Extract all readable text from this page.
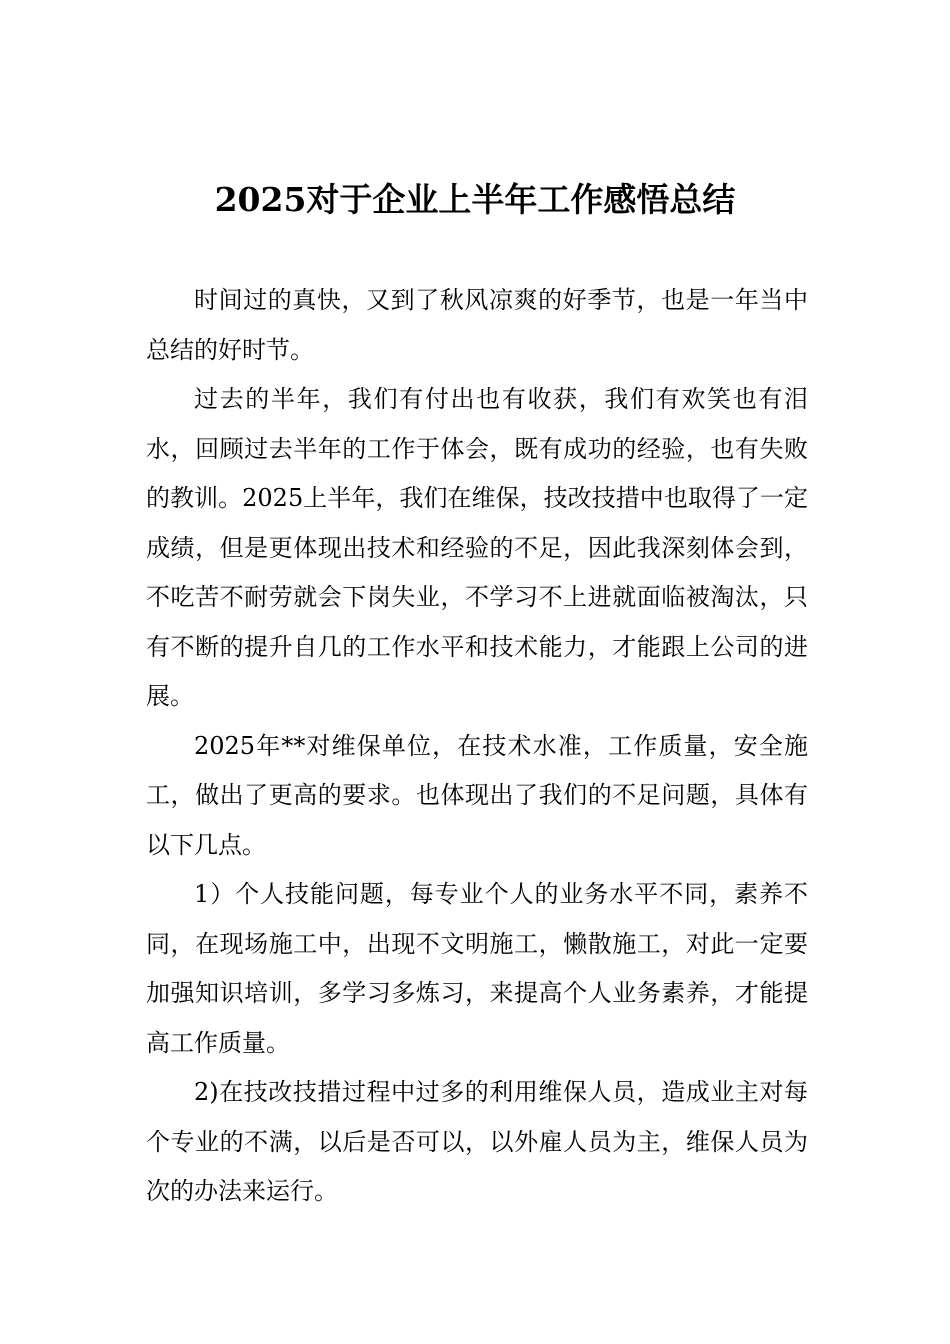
2025对于企业上半年工作感悟总结

时间过的真快，又到了秋风凉爽的好季节，也是一年当中总结的好时节。

过去的半年，我们有付出也有收获，我们有欢笑也有泪水，回顾过去半年的工作于体会，既有成功的经验，也有失败的教训。2025上半年，我们在维保，技改技措中也取得了一定成绩，但是更体现出技术和经验的不足，因此我深刻体会到，不吃苦不耐劳就会下岗失业，不学习不上进就面临被淘汰，只有不断的提升自几的工作水平和技术能力，才能跟上公司的进展。

2025年**对维保单位，在技术水准，工作质量，安全施工，做出了更高的要求。也体现出了我们的不足问题，具体有以下几点。

1）个人技能问题，每专业个人的业务水平不同，素养不同，在现场施工中，出现不文明施工，懒散施工，对此一定要加强知识培训，多学习多炼习，来提高个人业务素养，才能提高工作质量。

2)在技改技措过程中过多的利用维保人员，造成业主对每个专业的不满，以后是否可以，以外雇人员为主，维保人员为次的办法来运行。
